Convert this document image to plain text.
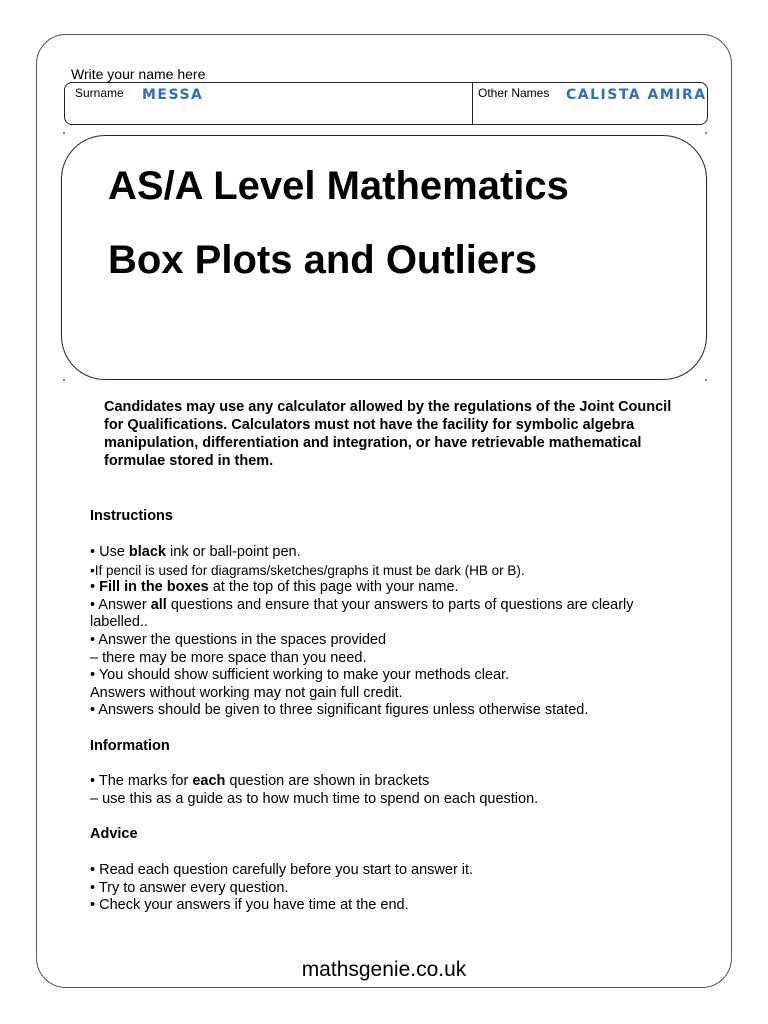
Write your name here
Surname MESSA	Other Names CALISTA AMIRA
AS/A Level Mathematics
Box Plots and Outliers
Candidates may use any calculator allowed by the regulations of the Joint Council for Qualifications. Calculators must not have the facility for symbolic algebra manipulation, differentiation and integration, or have retrievable mathematical formulae stored in them.
Instructions
• Use black ink or ball-point pen.
•If pencil is used for diagrams/sketches/graphs it must be dark (HB or B).
• Fill in the boxes at the top of this page with your name.
• Answer all questions and ensure that your answers to parts of questions are clearly labelled..
• Answer the questions in the spaces provided
– there may be more space than you need.
• You should show sufficient working to make your methods clear.
Answers without working may not gain full credit.
• Answers should be given to three significant figures unless otherwise stated.
Information
• The marks for each question are shown in brackets
– use this as a guide as to how much time to spend on each question.
Advice
• Read each question carefully before you start to answer it.
• Try to answer every question.
• Check your answers if you have time at the end.
mathsgenie.co.uk
